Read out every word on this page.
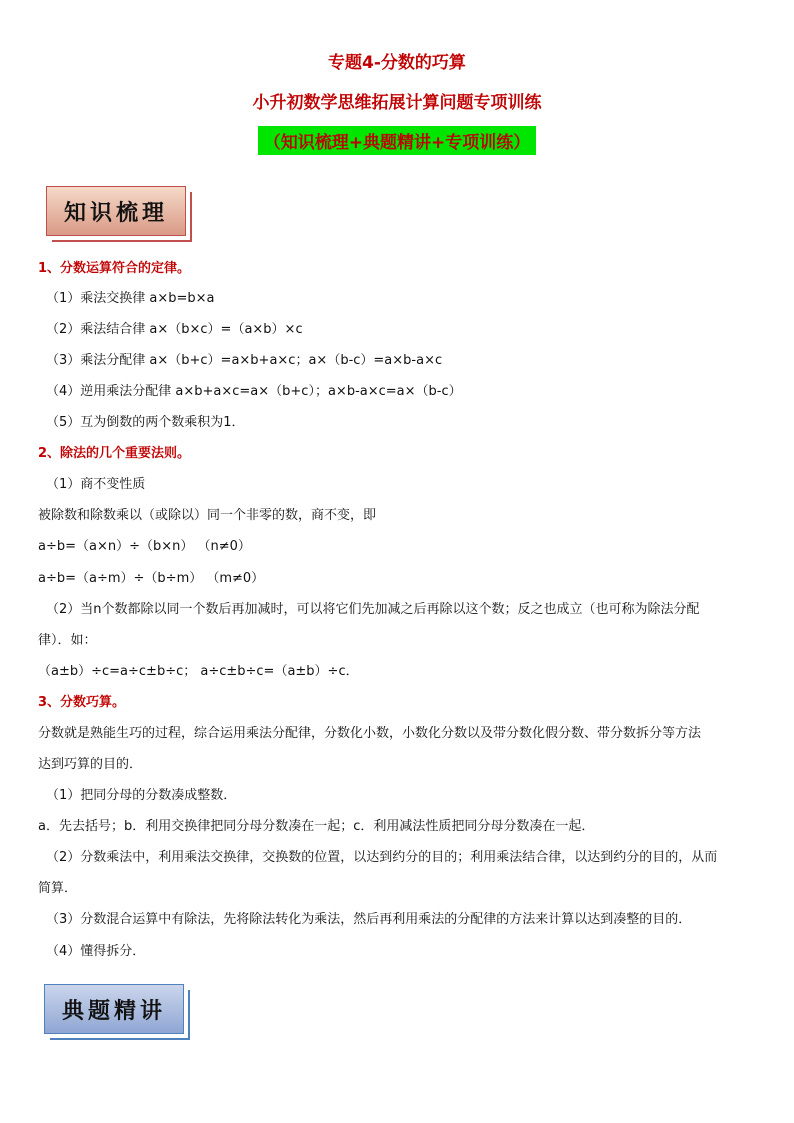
专题4-分数的巧算
小升初数学思维拓展计算问题专项训练
（知识梳理+典题精讲+专项训练）
知识梳理
1、分数运算符合的定律。
（1）乘法交换律 a×b=b×a
（2）乘法结合律 a×（b×c）=（a×b）×c
（3）乘法分配律 a×（b+c）=a×b+a×c；a×（b-c）=a×b-a×c
（4）逆用乘法分配律 a×b+a×c=a×（b+c）；a×b-a×c=a×（b-c）
（5）互为倒数的两个数乘积为1．
2、除法的几个重要法则。
（1）商不变性质
被除数和除数乘以（或除以）同一个非零的数，商不变，即
a÷b=（a×n）÷（b×n） （n≠0）
a÷b=（a÷m）÷（b÷m） （m≠0）
（2）当n个数都除以同一个数后再加减时，可以将它们先加减之后再除以这个数；反之也成立（也可称为除法分配
律）．如：
（a±b）÷c=a÷c±b÷c； a÷c±b÷c=（a±b）÷c．
3、分数巧算。
分数就是熟能生巧的过程，综合运用乘法分配律，分数化小数，小数化分数以及带分数化假分数、带分数拆分等方法
达到巧算的目的．
（1）把同分母的分数凑成整数．
a．先去括号；b．利用交换律把同分母分数凑在一起；c．利用减法性质把同分母分数凑在一起．
（2）分数乘法中，利用乘法交换律，交换数的位置，以达到约分的目的；利用乘法结合律，以达到约分的目的，从而
简算．
（3）分数混合运算中有除法，先将除法转化为乘法，然后再利用乘法的分配律的方法来计算以达到凑整的目的．
（4）懂得拆分．
典题精讲
